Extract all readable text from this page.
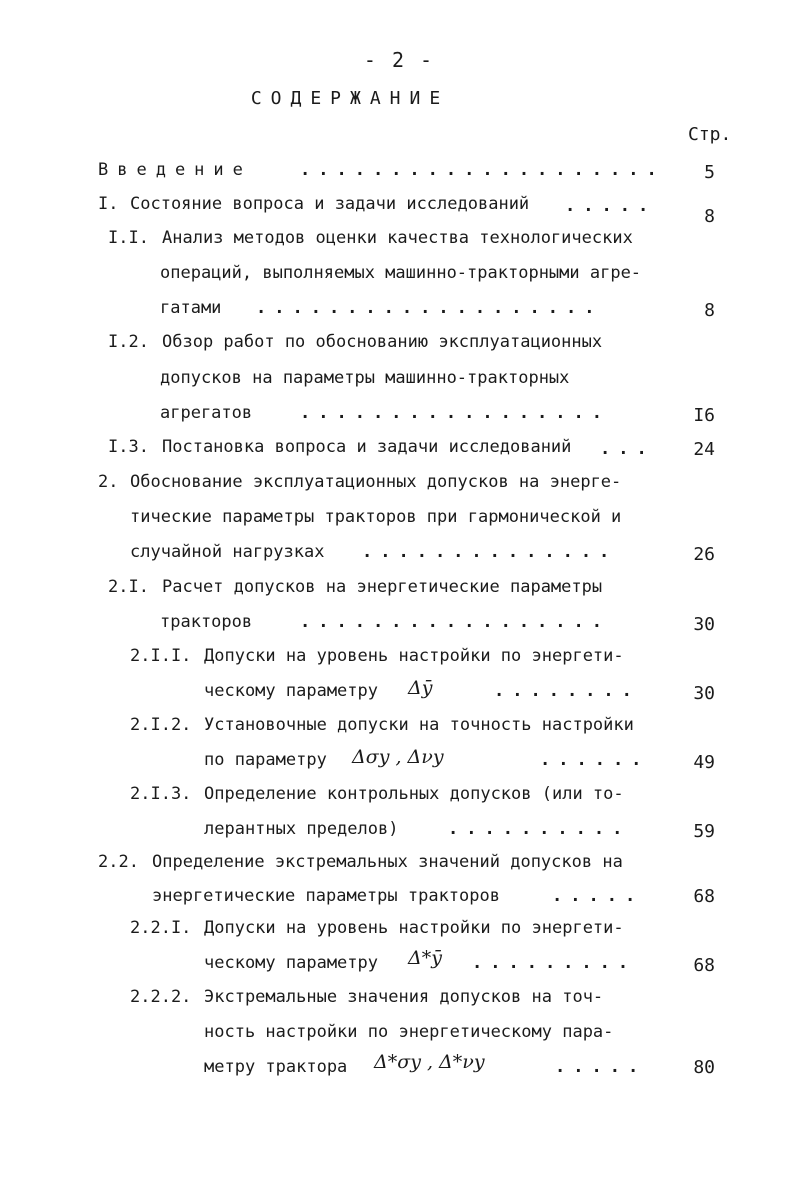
- 2 -
СОДЕРЖАНИЕ
Стр.
Введение	....................	5
I. Состояние вопроса и задачи исследований .....	8
I.I. Анализ методов оценки качества технологических
операций, выполняемых машинно-тракторными агре-
гатами ...................	8
I.2. Обзор работ по обоснованию эксплуатационных
допусков на параметры машинно-тракторных
агрегатов	.................	I6
I.3. Постановка вопроса и задачи исследований ...	24
2. Обоснование эксплуатационных допусков на энерге-
тические параметры тракторов при гармонической и
случайной нагрузках ..............	26
2.I. Расчет допусков на энергетические параметры
тракторов	.................	30
2.I.I. Допуски на уровень настройки по энергети-
ческому параметру Δȳ	........	30
2.I.2. Установочные допуски на точность настройки
по параметру Δσy , Δνy	......	49
2.I.3. Определение контрольных допусков (или то-
лерантных пределов)	..........	59
2.2. Определение экстремальных значений допусков на
энергетические параметры тракторов	.....	68
2.2.I. Допуски на уровень настройки по энергети-
ческому параметру Δ*ȳ .........	68
2.2.2. Экстремальные значения допусков на точ-
ность настройки по энергетическому пара-
метру трактора Δ*σy , Δ*νy	.....	80
